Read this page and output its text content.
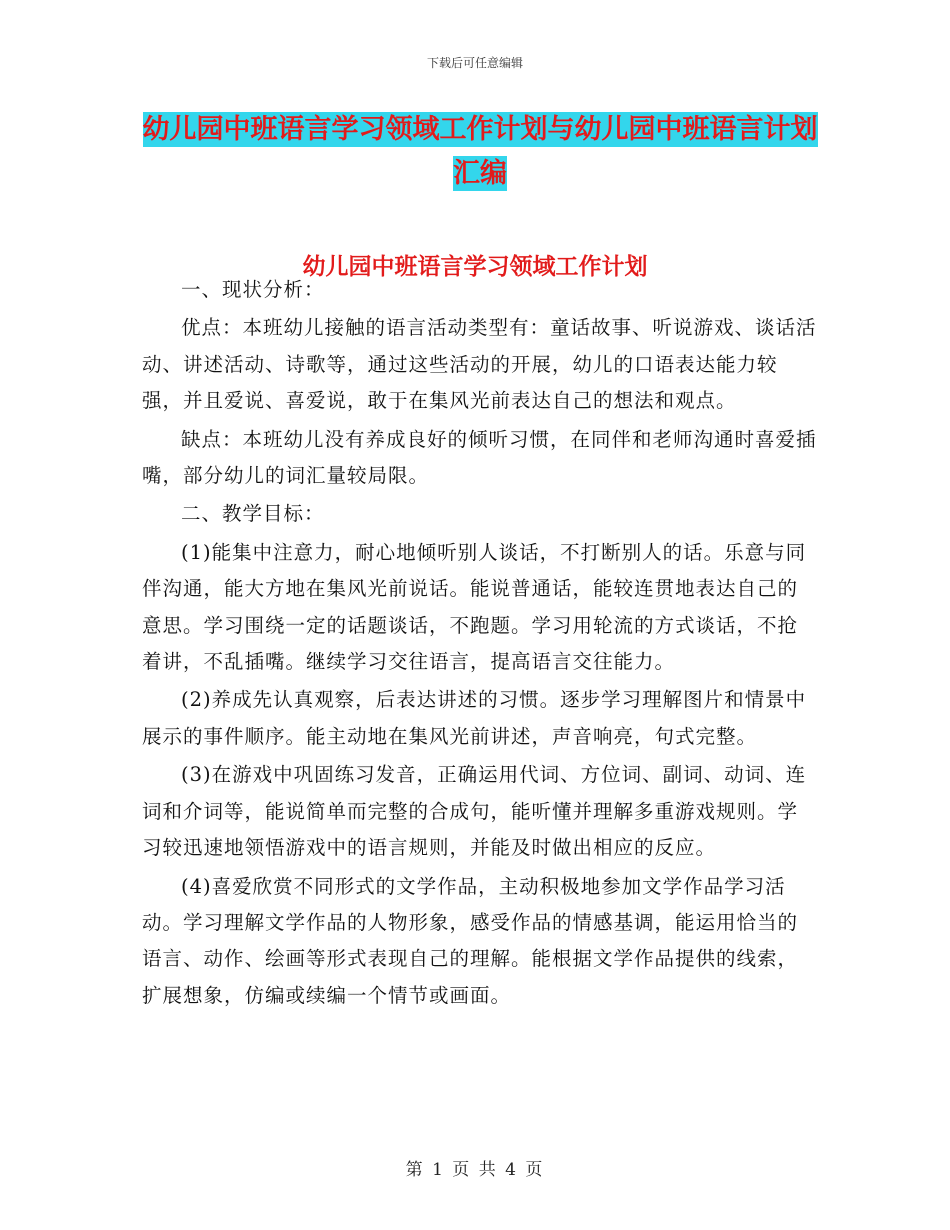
下载后可任意编辑
幼儿园中班语言学习领域工作计划与幼儿园中班语言计划汇编
幼儿园中班语言学习领域工作计划

一、现状分析：

优点：本班幼儿接触的语言活动类型有：童话故事、听说游戏、谈话活动、讲述活动、诗歌等，通过这些活动的开展，幼儿的口语表达能力较强，并且爱说、喜爱说，敢于在集风光前表达自己的想法和观点。

缺点：本班幼儿没有养成良好的倾听习惯，在同伴和老师沟通时喜爱插嘴，部分幼儿的词汇量较局限。

二、教学目标：

(1)能集中注意力，耐心地倾听别人谈话，不打断别人的话。乐意与同伴沟通，能大方地在集风光前说话。能说普通话，能较连贯地表达自己的意思。学习围绕一定的话题谈话，不跑题。学习用轮流的方式谈话，不抢着讲，不乱插嘴。继续学习交往语言，提高语言交往能力。

(2)养成先认真观察，后表达讲述的习惯。逐步学习理解图片和情景中展示的事件顺序。能主动地在集风光前讲述，声音响亮，句式完整。

(3)在游戏中巩固练习发音，正确运用代词、方位词、副词、动词、连词和介词等，能说简单而完整的合成句，能听懂并理解多重游戏规则。学习较迅速地领悟游戏中的语言规则，并能及时做出相应的反应。

(4)喜爱欣赏不同形式的文学作品，主动积极地参加文学作品学习活动。学习理解文学作品的人物形象，感受作品的情感基调，能运用恰当的语言、动作、绘画等形式表现自己的理解。能根据文学作品提供的线索，扩展想象，仿编或续编一个情节或画面。

第 1 页 共 4 页
